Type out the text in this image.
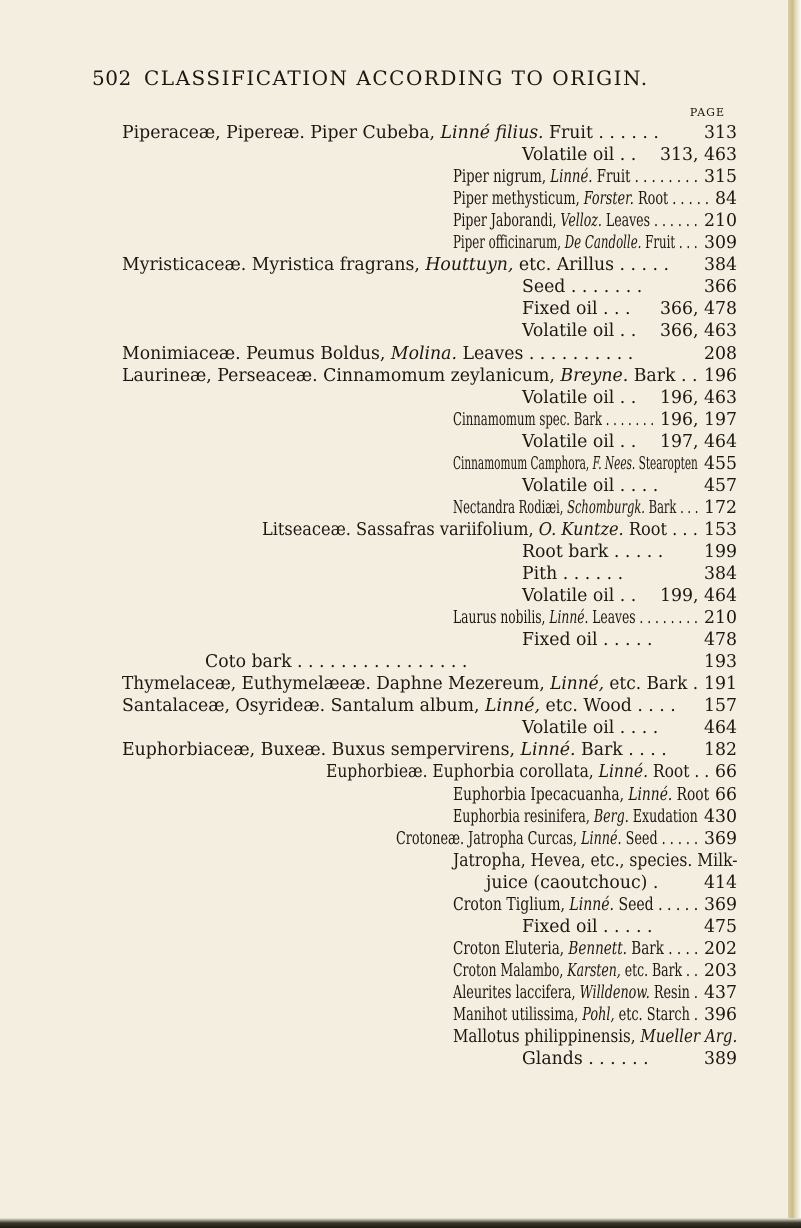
502 CLASSIFICATION ACCORDING TO ORIGIN.
PAGE
Piperaceæ, Pipereæ. Piper Cubeba, Linné filius. Fruit . . . . . .	313
Volatile oil . . 313, 463
Piper nigrum, Linné. Fruit . . . . . . . . 315
Piper methysticum, Forster. Root . . . . . 84
Piper Jaborandi, Velloz. Leaves . . . . . . 210
Piper officinarum, De Candolle. Fruit . . . 309
Myristicaceæ. Myristica fragrans, Houttuyn, etc. Arillus . . . . . 384
Seed . . . . . . .	366
Fixed oil . . . 366, 478
Volatile oil . . 366, 463
Monimiaceæ. Peumus Boldus, Molina. Leaves . . . . . . . . . .	208
Laurineæ, Perseaceæ. Cinnamomum zeylanicum, Breyne. Bark . . 196
Volatile oil . . 196, 463
Cinnamomum spec. Bark . . . . . . . 196, 197
Volatile oil . . 197, 464
Cinnamomum Camphora, F. Nees. Stearopten 455
Volatile oil . . . .	457
Nectandra Rodiæi, Schomburgk. Bark . . . 172
Litseaceæ. Sassafras variifolium, O. Kuntze. Root . . . 153
Root bark . . . . . 199
Pith . . . . . .	384
Volatile oil . . 199, 464
Laurus nobilis, Linné. Leaves . . . . . . . . 210
Fixed oil . . . . .	478
Coto bark . . . . . . . . . . . . . . . .	193
Thymelaceæ, Euthymelæeæ. Daphne Mezereum, Linné, etc. Bark . 191
Santalaceæ, Osyrideæ. Santalum album, Linné, etc. Wood . . . . 157
Volatile oil . . . .	464
Euphorbiaceæ, Buxeæ. Buxus sempervirens, Linné. Bark . . . . 182
Euphorbieæ. Euphorbia corollata, Linné. Root . . 66
Euphorbia Ipecacuanha, Linné. Root 66
Euphorbia resinifera, Berg. Exudation 430
Crotoneæ. Jatropha Curcas, Linné. Seed . . . . . 369
Jatropha, Hevea, etc., species. Milk-
juice (caoutchouc) .	414
Croton Tiglium, Linné. Seed . . . . . 369
Fixed oil . . . . .	475
Croton Eluteria, Bennett. Bark . . . . 202
Croton Malambo, Karsten, etc. Bark . . 203
Aleurites laccifera, Willdenow. Resin . 437
Manihot utilissima, Pohl, etc. Starch . 396
Mallotus philippinensis, Mueller Arg.
Glands . . . . . .	389
